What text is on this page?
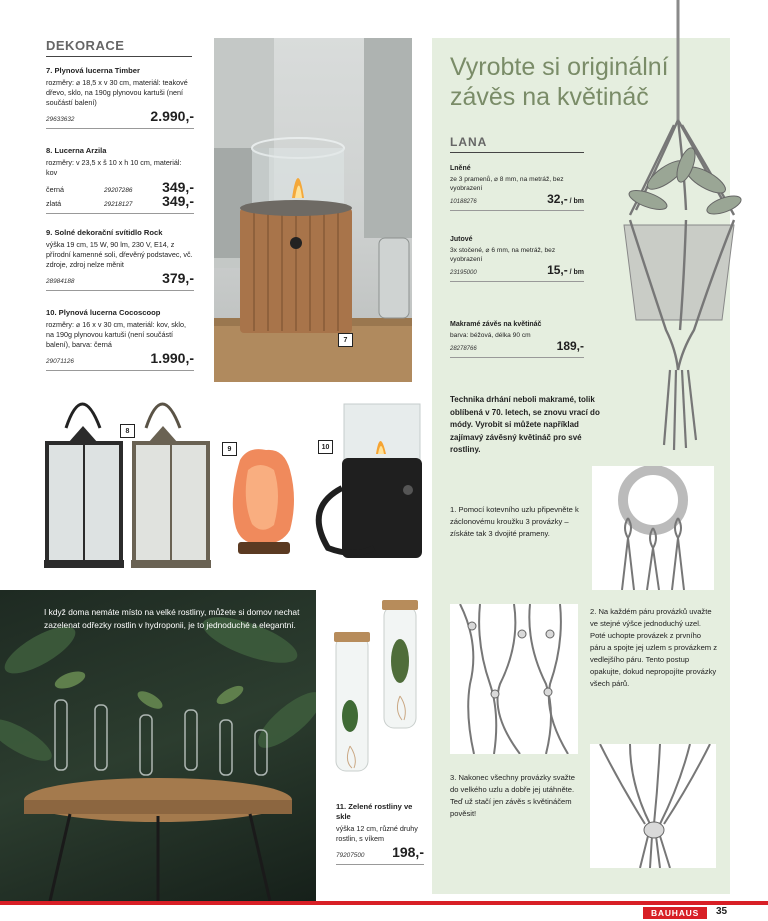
DEKORACE
7. Plynová lucerna Timber
rozměry: ⌀ 18,5 x v 30 cm, materiál: teakové dřevo, sklo, na 190g plynovou kartuši (není součástí balení)
29633632	2.990,-
8. Lucerna Arzila
rozměry: v 23,5 x š 10 x h 10 cm, materiál: kov
černá	29207286	349,-
zlatá	29218127	349,-
9. Solné dekorační svítidlo Rock
výška 19 cm, 15 W, 90 lm, 230 V, E14, z přírodní kamenné soli, dřevěný podstavec, vč. zdroje, zdroj nelze měnit
28984188	379,-
10. Plynová lucerna Cocoscoop
rozměry: ⌀ 16 x v 30 cm, materiál: kov, sklo, na 190g plynovou kartuši (není součástí balení), barva: černá
29071126	1.990,-
7
8
9	10
I když doma nemáte místo na velké rostliny, můžete si domov nechat zazelenat odřezky rostlin v hydroponii, je to jednoduché a elegantní.
11. Zelené rostliny ve skle
výška 12 cm, různé druhy rostlin, s víkem
79207500 198,-
Vyrobte si originální závěs na květináč
LANA
Lněné
ze 3 pramenů, ⌀ 8 mm, na metráž, bez vyobrazení
10188276	32,- / bm
Jutové
3x stočené, ⌀ 6 mm, na metráž, bez vyobrazení
23195000	15,- / bm
Makramé závěs na květináč
barva: béžová, délka 90 cm
28278766	189,-
Technika drhání neboli makramé, tolik oblíbená v 70. letech, se znovu vrací do módy. Vyrobit si můžete například zajímavý závěsný květináč pro své rostliny.
1. Pomocí kotevního uzlu připevněte k záclonovému kroužku 3 provázky – získáte tak 3 dvojité prameny.
2. Na každém páru provázků uvažte ve stejné výšce jednoduchý uzel. Poté uchopte provázek z prvního páru a spojte jej uzlem s provázkem z vedlejšího páru. Tento postup opakujte, dokud nepropojíte provázky všech párů.
3. Nakonec všechny provázky svažte do velkého uzlu a dobře jej utáhněte. Teď už stačí jen závěs s květináčem pověsit!
BAUHAUS	35
